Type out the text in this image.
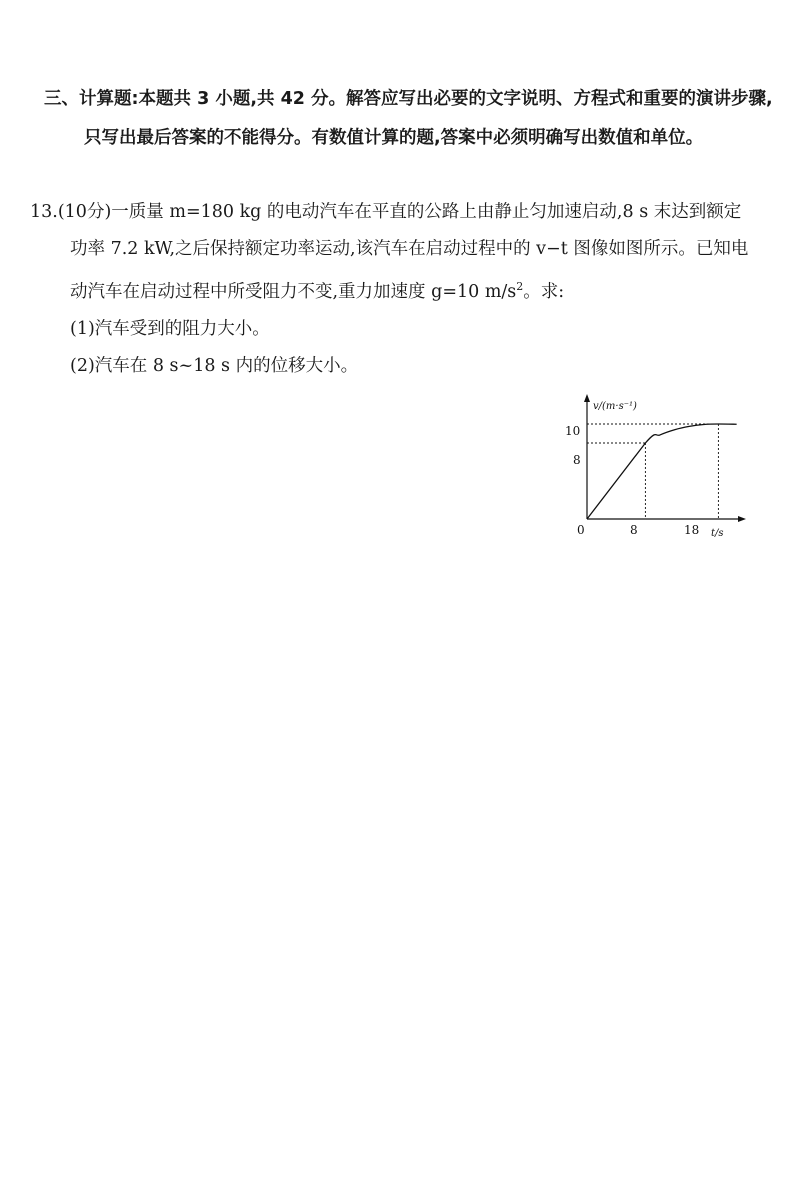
三、计算题:本题共 3 小题,共 42 分。解答应写出必要的文字说明、方程式和重要的演讲步骤,只写出最后答案的不能得分。有数值计算的题,答案中必须明确写出数值和单位。
13.(10分)一质量 m=180 kg 的电动汽车在平直的公路上由静止匀加速启动,8 s 末达到额定功率 7.2 kW,之后保持额定功率运动,该汽车在启动过程中的 v−t 图像如图所示。已知电动汽车在启动过程中所受阻力不变,重力加速度 g=10 $m/s^2$。求:
(1)汽车受到的阻力大小。
(2)汽车在 8 s~18 s 内的位移大小。
v/(m·s⁻¹)
t/s
0
10
8
8	18
